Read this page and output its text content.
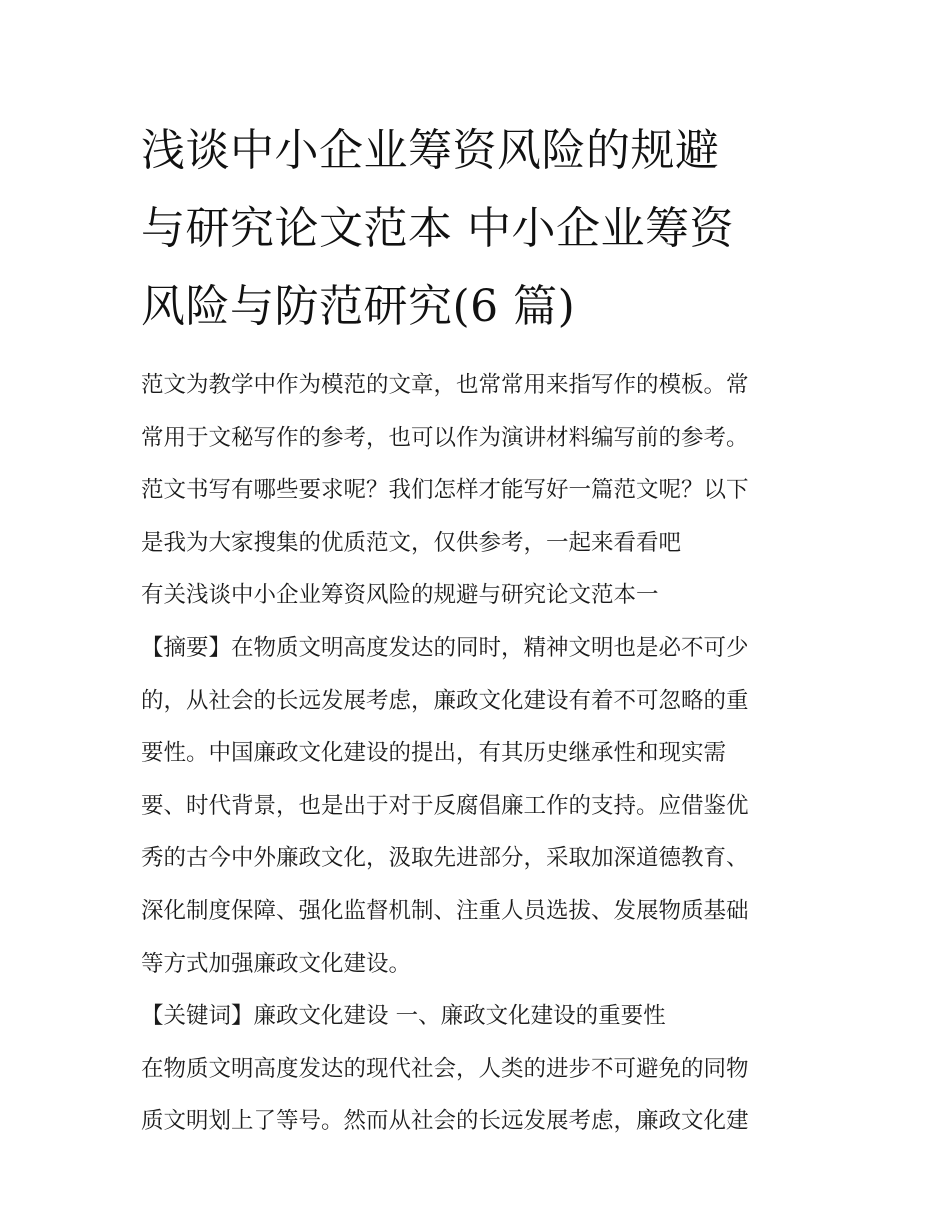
浅谈中小企业筹资风险的规避
与研究论文范本 中小企业筹资
风险与防范研究(6 篇)
范文为教学中作为模范的文章，也常常用来指写作的模板。常
常用于文秘写作的参考，也可以作为演讲材料编写前的参考。
范文书写有哪些要求呢？我们怎样才能写好一篇范文呢？以下
是我为大家搜集的优质范文，仅供参考，一起来看看吧
有关浅谈中小企业筹资风险的规避与研究论文范本一
【摘要】在物质文明高度发达的同时，精神文明也是必不可少
的，从社会的长远发展考虑，廉政文化建设有着不可忽略的重
要性。中国廉政文化建设的提出，有其历史继承性和现实需
要、时代背景，也是出于对于反腐倡廉工作的支持。应借鉴优
秀的古今中外廉政文化，汲取先进部分，采取加深道德教育、
深化制度保障、强化监督机制、注重人员选拔、发展物质基础
等方式加强廉政文化建设。
【关键词】廉政文化建设 一、廉政文化建设的重要性
在物质文明高度发达的现代社会，人类的进步不可避免的同物
质文明划上了等号。然而从社会的长远发展考虑，廉政文化建
